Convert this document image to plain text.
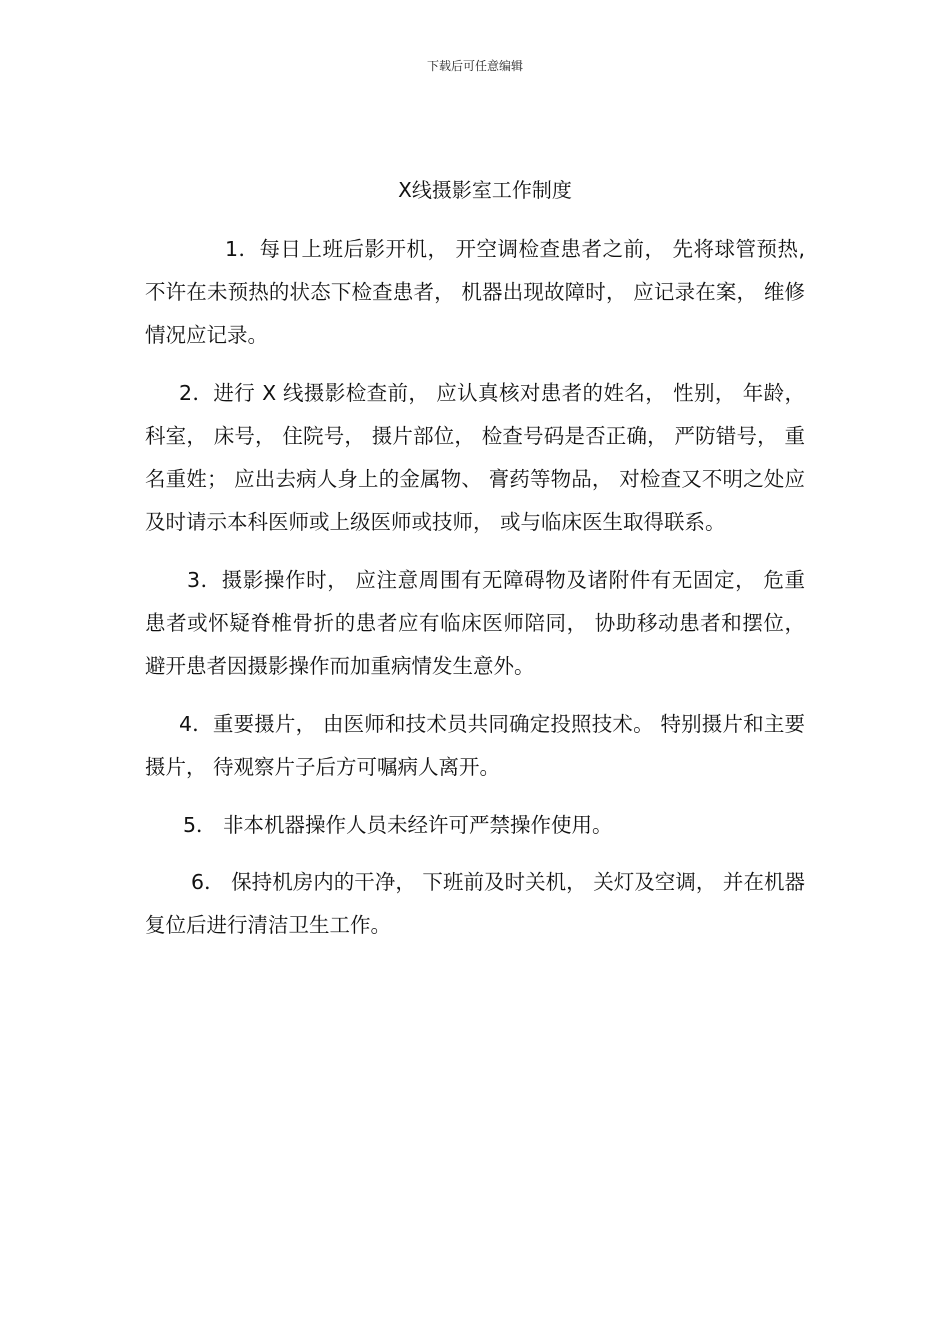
下载后可任意编辑
X线摄影室工作制度

1．每日上班后影开机， 开空调检查患者之前， 先将球管预热, 不许在未预热的状态下检查患者， 机器出现故障时， 应记录在案， 维修情况应记录。

2．进行 X 线摄影检查前， 应认真核对患者的姓名， 性别， 年龄， 科室， 床号， 住院号， 摄片部位， 检查号码是否正确， 严防错号， 重名重姓； 应出去病人身上的金属物、 膏药等物品， 对检查又不明之处应及时请示本科医师或上级医师或技师， 或与临床医生取得联系。

3．摄影操作时， 应注意周围有无障碍物及诸附件有无固定， 危重患者或怀疑脊椎骨折的患者应有临床医师陪同， 协助移动患者和摆位， 避开患者因摄影操作而加重病情发生意外。

4．重要摄片， 由医师和技术员共同确定投照技术。 特别摄片和主要摄片， 待观察片子后方可嘱病人离开。

5． 非本机器操作人员未经许可严禁操作使用。

6． 保持机房内的干净， 下班前及时关机， 关灯及空调， 并在机器复位后进行清洁卫生工作。
